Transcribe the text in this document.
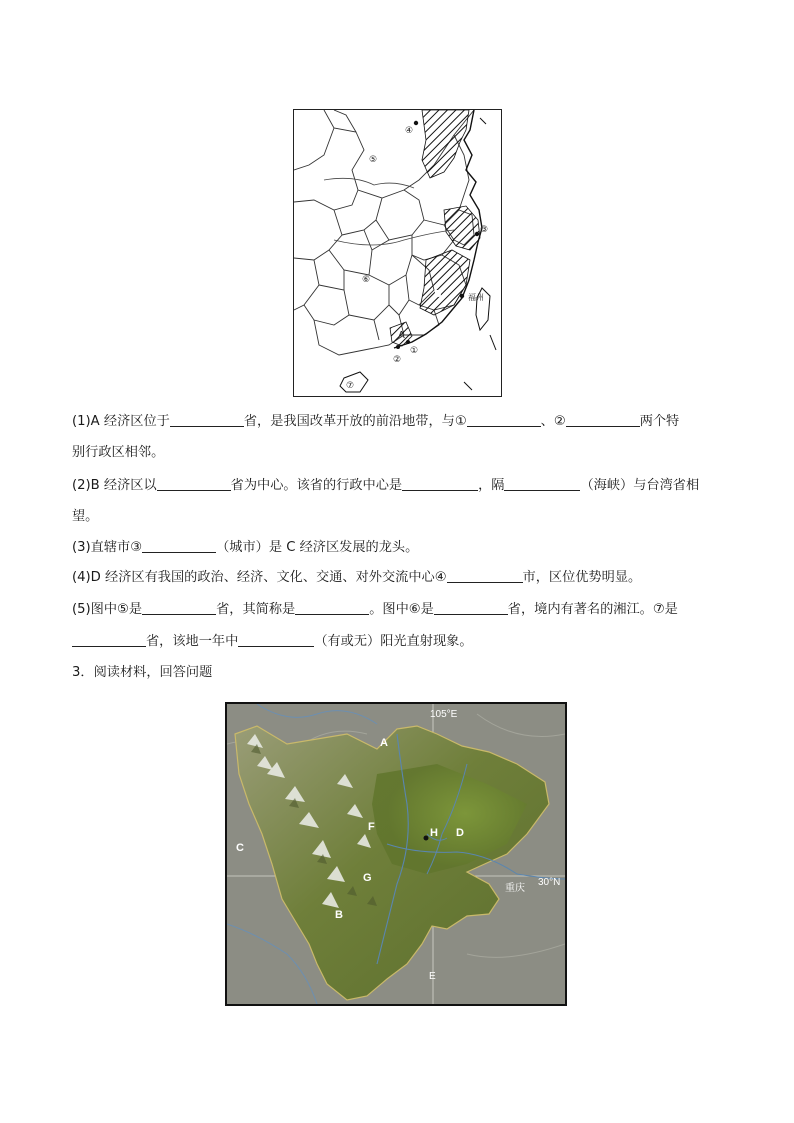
④
⑤
⑥
③
B	福州
A
①
②
⑦
(1)A 经济区位于	省，是我国改革开放的前沿地带，与①	、②	两个特
别行政区相邻。
(2)B 经济区以	省为中心。该省的行政中心是	，隔	（海峡）与台湾省相
望。
(3)直辖市③	（城市）是 C 经济区发展的龙头。
(4)D 经济区有我国的政治、经济、文化、交通、对外交流中心④	市，区位优势明显。
(5)图中⑤是	省，其简称是	。图中⑥是	省，境内有著名的湘江。⑦是
省，该地一年中	（有或无）阳光直射现象。
3．阅读材料，回答问题
105°E
30°N
A
F	H D
C
G
B
重庆
E
